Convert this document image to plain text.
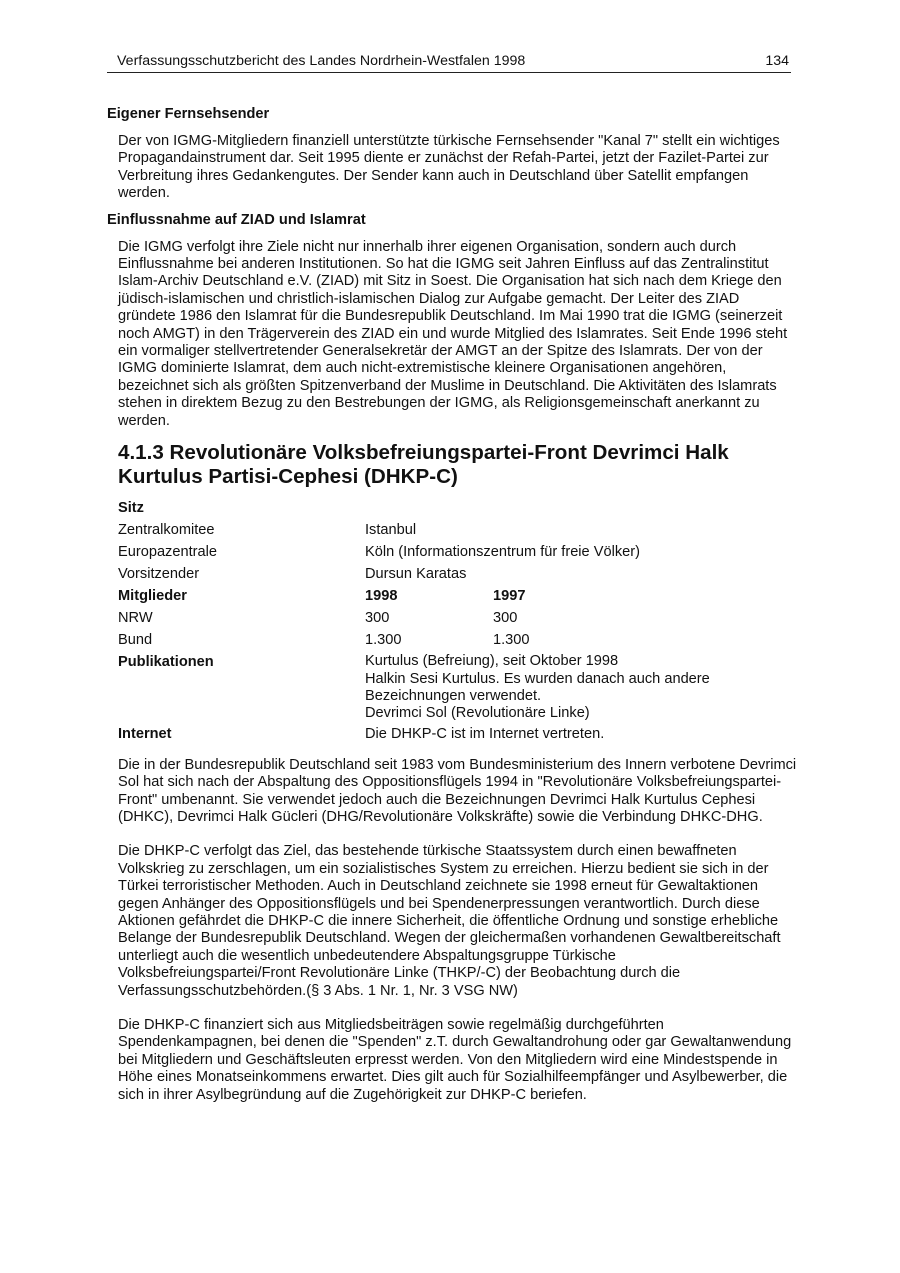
Verfassungsschutzbericht des Landes Nordrhein-Westfalen 1998	134

Eigener Fernsehsender

Der von IGMG-Mitgliedern finanziell unterstützte türkische Fernsehsender "Kanal 7" stellt ein wichtiges Propagandainstrument dar. Seit 1995 diente er zunächst der Refah-Partei, jetzt der Fazilet-Partei zur Verbreitung ihres Gedankengutes. Der Sender kann auch in Deutschland über Satellit empfangen werden.

Einflussnahme auf ZIAD und Islamrat

Die IGMG verfolgt ihre Ziele nicht nur innerhalb ihrer eigenen Organisation, sondern auch durch Einflussnahme bei anderen Institutionen. So hat die IGMG seit Jahren Einfluss auf das Zentralinstitut Islam-Archiv Deutschland e.V. (ZIAD) mit Sitz in Soest. Die Organisation hat sich nach dem Kriege den jüdisch-islamischen und christlich-islamischen Dialog zur Aufgabe gemacht. Der Leiter des ZIAD gründete 1986 den Islamrat für die Bundesrepublik Deutschland. Im Mai 1990 trat die IGMG (seinerzeit noch AMGT) in den Trägerverein des ZIAD ein und wurde Mitglied des Islamrates. Seit Ende 1996 steht ein vormaliger stellvertretender Generalsekretär der AMGT an der Spitze des Islamrats. Der von der IGMG dominierte Islamrat, dem auch nicht-extremistische kleinere Organisationen angehören, bezeichnet sich als größten Spitzenverband der Muslime in Deutschland. Die Aktivitäten des Islamrats stehen in direktem Bezug zu den Bestrebungen der IGMG, als Religionsgemeinschaft anerkannt zu werden.

4.1.3 Revolutionäre Volksbefreiungspartei-Front Devrimci Halk Kurtulus Partisi-Cephesi (DHKP-C)
Sitz
Zentralkomitee	Istanbul
Europazentrale	Köln (Informationszentrum für freie Völker)
Vorsitzender	Dursun Karatas
Mitglieder	1998	1997
NRW	300	300
Bund	1.300	1.300
Publikationen	Kurtulus (Befreiung), seit Oktober 1998
Halkin Sesi Kurtulus. Es wurden danach auch andere
Bezeichnungen verwendet.
Devrimci Sol (Revolutionäre Linke)
Internet	Die DHKP-C ist im Internet vertreten.

Die in der Bundesrepublik Deutschland seit 1983 vom Bundesministerium des Innern verbotene Devrimci Sol hat sich nach der Abspaltung des Oppositionsflügels 1994 in "Revolutionäre Volksbefreiungspartei-Front" umbenannt. Sie verwendet jedoch auch die Bezeichnungen Devrimci Halk Kurtulus Cephesi (DHKC), Devrimci Halk Gücleri (DHG/Revolutionäre Volkskräfte) sowie die Verbindung DHKC-DHG.

Die DHKP-C verfolgt das Ziel, das bestehende türkische Staatssystem durch einen bewaffneten Volkskrieg zu zerschlagen, um ein sozialistisches System zu erreichen. Hierzu bedient sie sich in der Türkei terroristischer Methoden. Auch in Deutschland zeichnete sie 1998 erneut für Gewaltaktionen gegen Anhänger des Oppositionsflügels und bei Spendenerpressungen verantwortlich. Durch diese Aktionen gefährdet die DHKP-C die innere Sicherheit, die öffentliche Ordnung und sonstige erhebliche Belange der Bundesrepublik Deutschland. Wegen der gleichermaßen vorhandenen Gewaltbereitschaft unterliegt auch die wesentlich unbedeutendere Abspaltungsgruppe Türkische Volksbefreiungspartei/Front Revolutionäre Linke (THKP/-C) der Beobachtung durch die Verfassungsschutzbehörden.(§ 3 Abs. 1 Nr. 1, Nr. 3 VSG NW)

Die DHKP-C finanziert sich aus Mitgliedsbeiträgen sowie regelmäßig durchgeführten Spendenkampagnen, bei denen die "Spenden" z.T. durch Gewaltandrohung oder gar Gewaltanwendung bei Mitgliedern und Geschäftsleuten erpresst werden. Von den Mitgliedern wird eine Mindestspende in Höhe eines Monatseinkommens erwartet. Dies gilt auch für Sozialhilfeempfänger und Asylbewerber, die sich in ihrer Asylbegründung auf die Zugehörigkeit zur DHKP-C beriefen.
